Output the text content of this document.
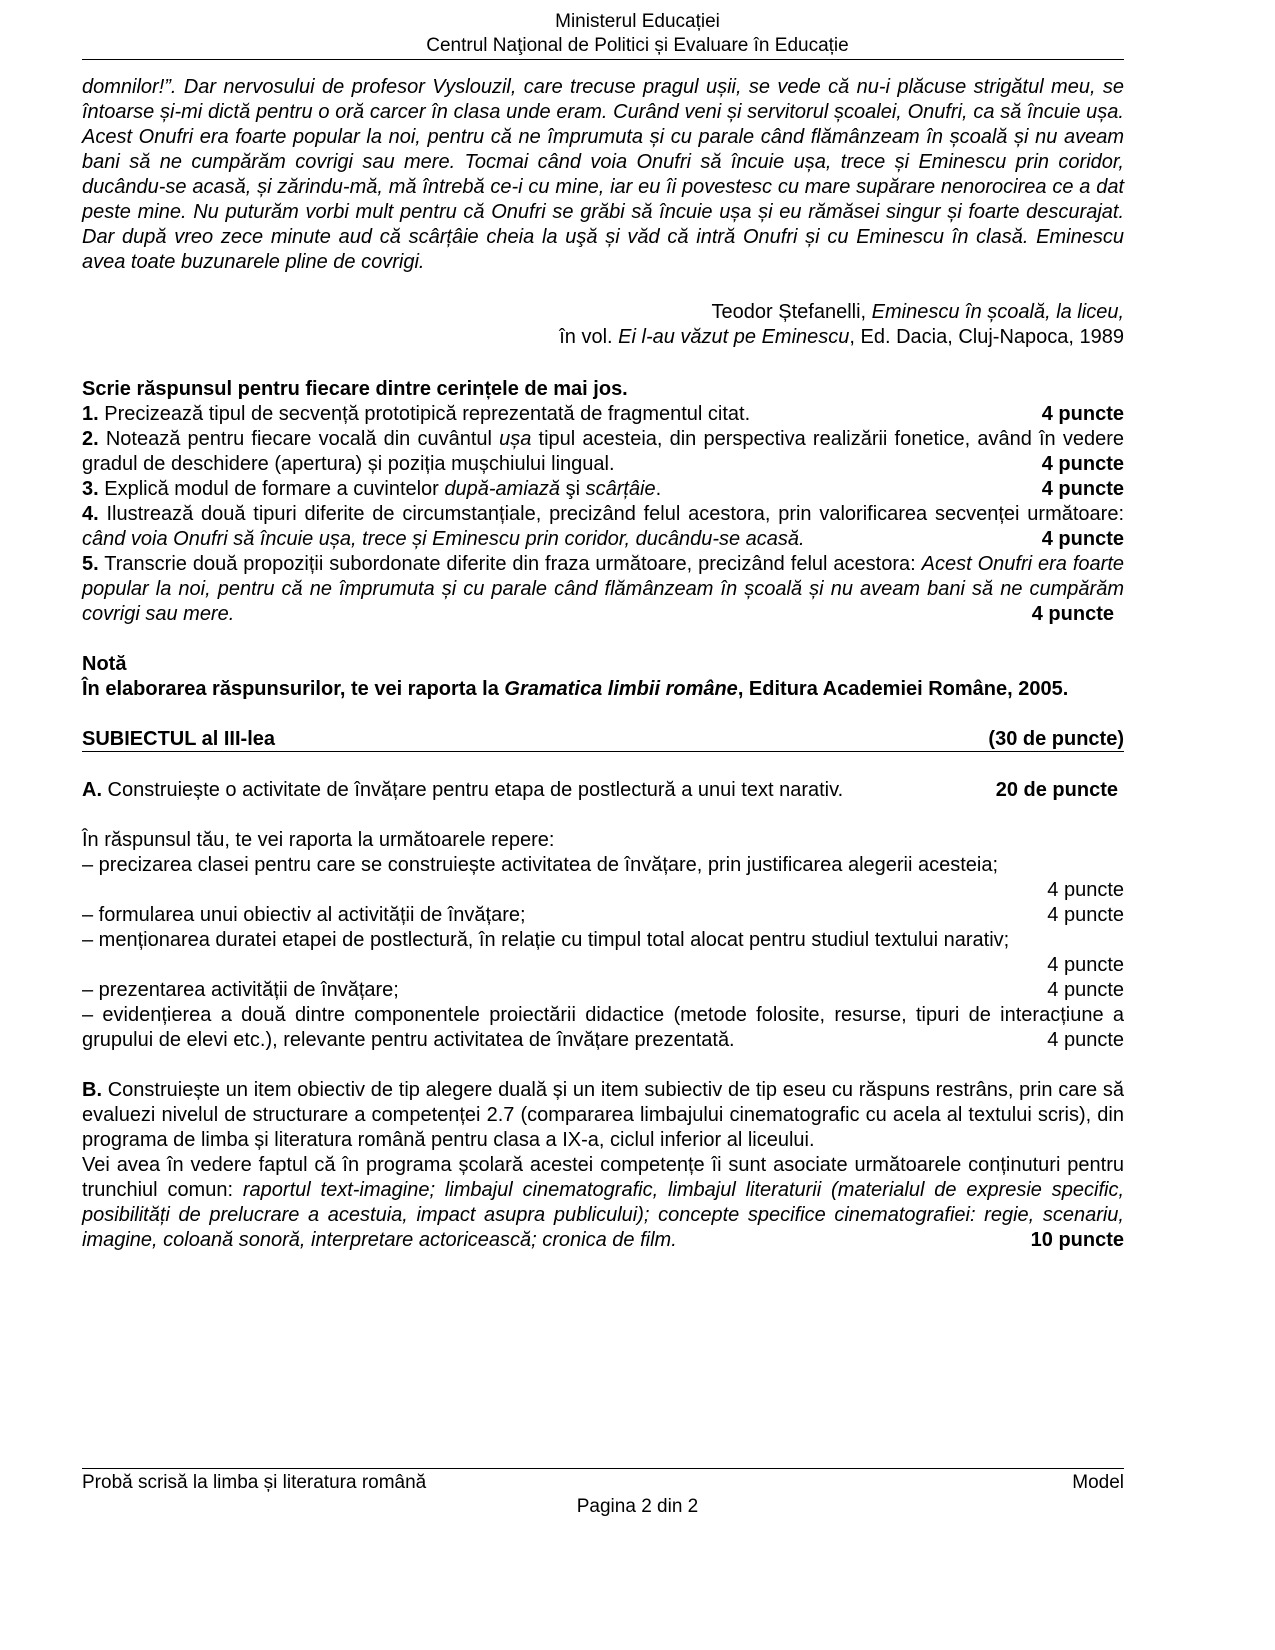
Ministerul Educației
Centrul Naţional de Politici și Evaluare în Educație
domnilor!”. Dar nervosului de profesor Vyslouzil, care trecuse pragul ușii, se vede că nu-i plăcuse strigătul meu, se întoarse și-mi dictă pentru o oră carcer în clasa unde eram. Curând veni și servitorul școalei, Onufri, ca să încuie ușa. Acest Onufri era foarte popular la noi, pentru că ne împrumuta și cu parale când flămânzeam în școală și nu aveam bani să ne cumpărăm covrigi sau mere. Tocmai când voia Onufri să încuie ușa, trece și Eminescu prin coridor, ducându-se acasă, și zărindu-mă, mă întrebă ce-i cu mine, iar eu îi povestesc cu mare supărare nenorocirea ce a dat peste mine. Nu puturăm vorbi mult pentru că Onufri se grăbi să încuie ușa și eu rămăsei singur și foarte descurajat. Dar după vreo zece minute aud că scârțâie cheia la uşă și văd că intră Onufri și cu Eminescu în clasă. Eminescu avea toate buzunarele pline de covrigi.
Teodor Ștefanelli, Eminescu în școală, la liceu,
în vol. Ei l-au văzut pe Eminescu, Ed. Dacia, Cluj-Napoca, 1989
Scrie răspunsul pentru fiecare dintre cerințele de mai jos.
1. Precizează tipul de secvență prototipică reprezentată de fragmentul citat.	4 puncte
2. Notează pentru fiecare vocală din cuvântul ușa tipul acesteia, din perspectiva realizării fonetice, având în vedere gradul de deschidere (apertura) și poziția mușchiului lingual.	4 puncte
3. Explică modul de formare a cuvintelor după-amiază şi scârțâie.	4 puncte
4. Ilustrează două tipuri diferite de circumstanțiale, precizând felul acestora, prin valorificarea secvenței următoare: când voia Onufri să încuie ușa, trece și Eminescu prin coridor, ducându-se acasă.	4 puncte
5. Transcrie două propoziții subordonate diferite din fraza următoare, precizând felul acestora: Acest Onufri era foarte popular la noi, pentru că ne împrumuta și cu parale când flămânzeam în școală și nu aveam bani să ne cumpărăm covrigi sau mere.	4 puncte
Notă
În elaborarea răspunsurilor, te vei raporta la Gramatica limbii române, Editura Academiei Române, 2005.
SUBIECTUL al III-lea	(30 de puncte)
A. Construiește o activitate de învățare pentru etapa de postlectură a unui text narativ.	20 de puncte
În răspunsul tău, te vei raporta la următoarele repere:
– precizarea clasei pentru care se construiește activitatea de învățare, prin justificarea alegerii acesteia;
4 puncte
– formularea unui obiectiv al activității de învățare;	4 puncte
– menționarea duratei etapei de postlectură, în relație cu timpul total alocat pentru studiul textului narativ;
4 puncte
– prezentarea activității de învățare;	4 puncte
– evidențierea a două dintre componentele proiectării didactice (metode folosite, resurse, tipuri de interacțiune a grupului de elevi etc.), relevante pentru activitatea de învățare prezentată.	4 puncte
B. Construiește un item obiectiv de tip alegere duală și un item subiectiv de tip eseu cu răspuns restrâns, prin care să evaluezi nivelul de structurare a competenței 2.7 (compararea limbajului cinematografic cu acela al textului scris), din programa de limba și literatura română pentru clasa a IX-a, ciclul inferior al liceului.
Vei avea în vedere faptul că în programa școlară acestei competențe îi sunt asociate următoarele conținuturi pentru trunchiul comun: raportul text-imagine; limbajul cinematografic, limbajul literaturii (materialul de expresie specific, posibilități de prelucrare a acestuia, impact asupra publicului); concepte specifice cinematografiei: regie, scenariu, imagine, coloană sonoră, interpretare actoricească; cronica de film.	10 puncte
Probă scrisă la limba și literatura română	Model
Pagina 2 din 2
